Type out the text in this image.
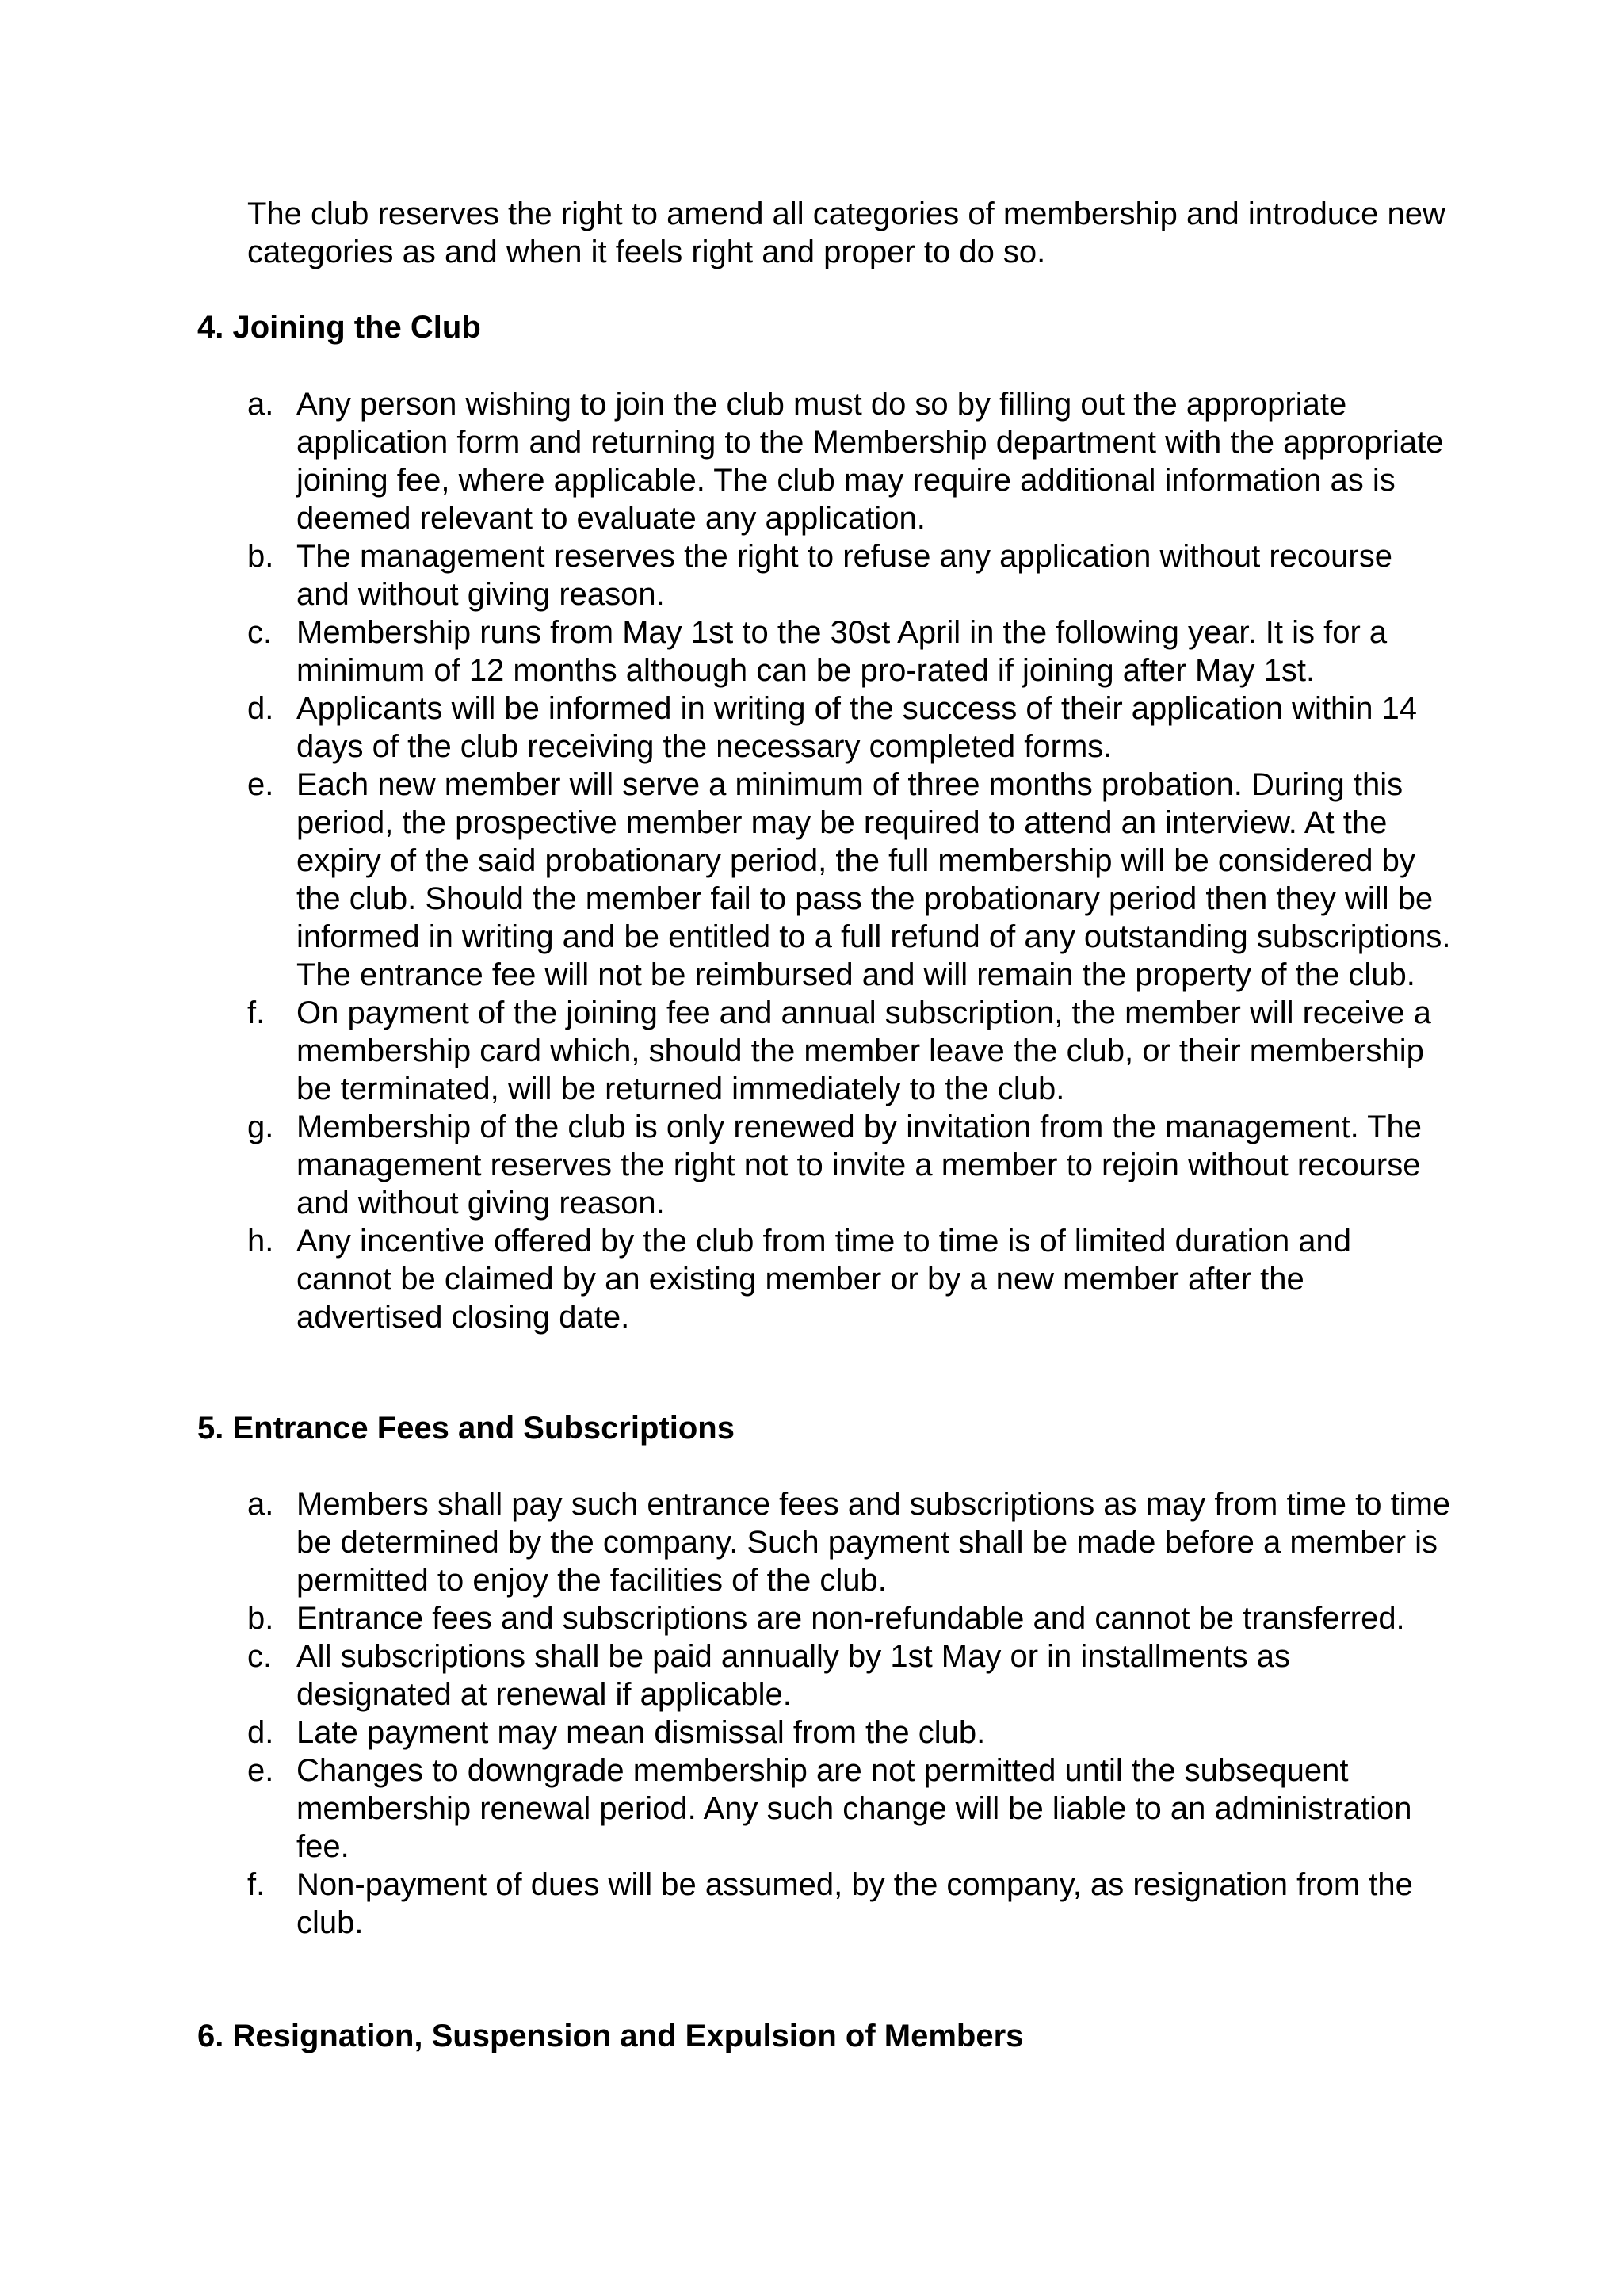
The club reserves the right to amend all categories of membership and introduce new categories as and when it feels right and proper to do so.

4. Joining the Club
a. Any person wishing to join the club must do so by filling out the appropriate application form and returning to the Membership department with the appropriate joining fee, where applicable. The club may require additional information as is deemed relevant to evaluate any application.
b. The management reserves the right to refuse any application without recourse and without giving reason.
c. Membership runs from May 1st to the 30st April in the following year. It is for a minimum of 12 months although can be pro-rated if joining after May 1st.
d. Applicants will be informed in writing of the success of their application within 14 days of the club receiving the necessary completed forms.
e. Each new member will serve a minimum of three months probation. During this period, the prospective member may be required to attend an interview. At the expiry of the said probationary period, the full membership will be considered by the club. Should the member fail to pass the probationary period then they will be informed in writing and be entitled to a full refund of any outstanding subscriptions. The entrance fee will not be reimbursed and will remain the property of the club.
f. On payment of the joining fee and annual subscription, the member will receive a membership card which, should the member leave the club, or their membership be terminated, will be returned immediately to the club.
g. Membership of the club is only renewed by invitation from the management. The management reserves the right not to invite a member to rejoin without recourse and without giving reason.
h. Any incentive offered by the club from time to time is of limited duration and cannot be claimed by an existing member or by a new member after the advertised closing date.
5. Entrance Fees and Subscriptions
a. Members shall pay such entrance fees and subscriptions as may from time to time be determined by the company. Such payment shall be made before a member is permitted to enjoy the facilities of the club.
b. Entrance fees and subscriptions are non-refundable and cannot be transferred.
c. All subscriptions shall be paid annually by 1st May or in installments as designated at renewal if applicable.
d. Late payment may mean dismissal from the club.
e. Changes to downgrade membership are not permitted until the subsequent membership renewal period. Any such change will be liable to an administration fee.
f. Non-payment of dues will be assumed, by the company, as resignation from the club.
6. Resignation, Suspension and Expulsion of Members
